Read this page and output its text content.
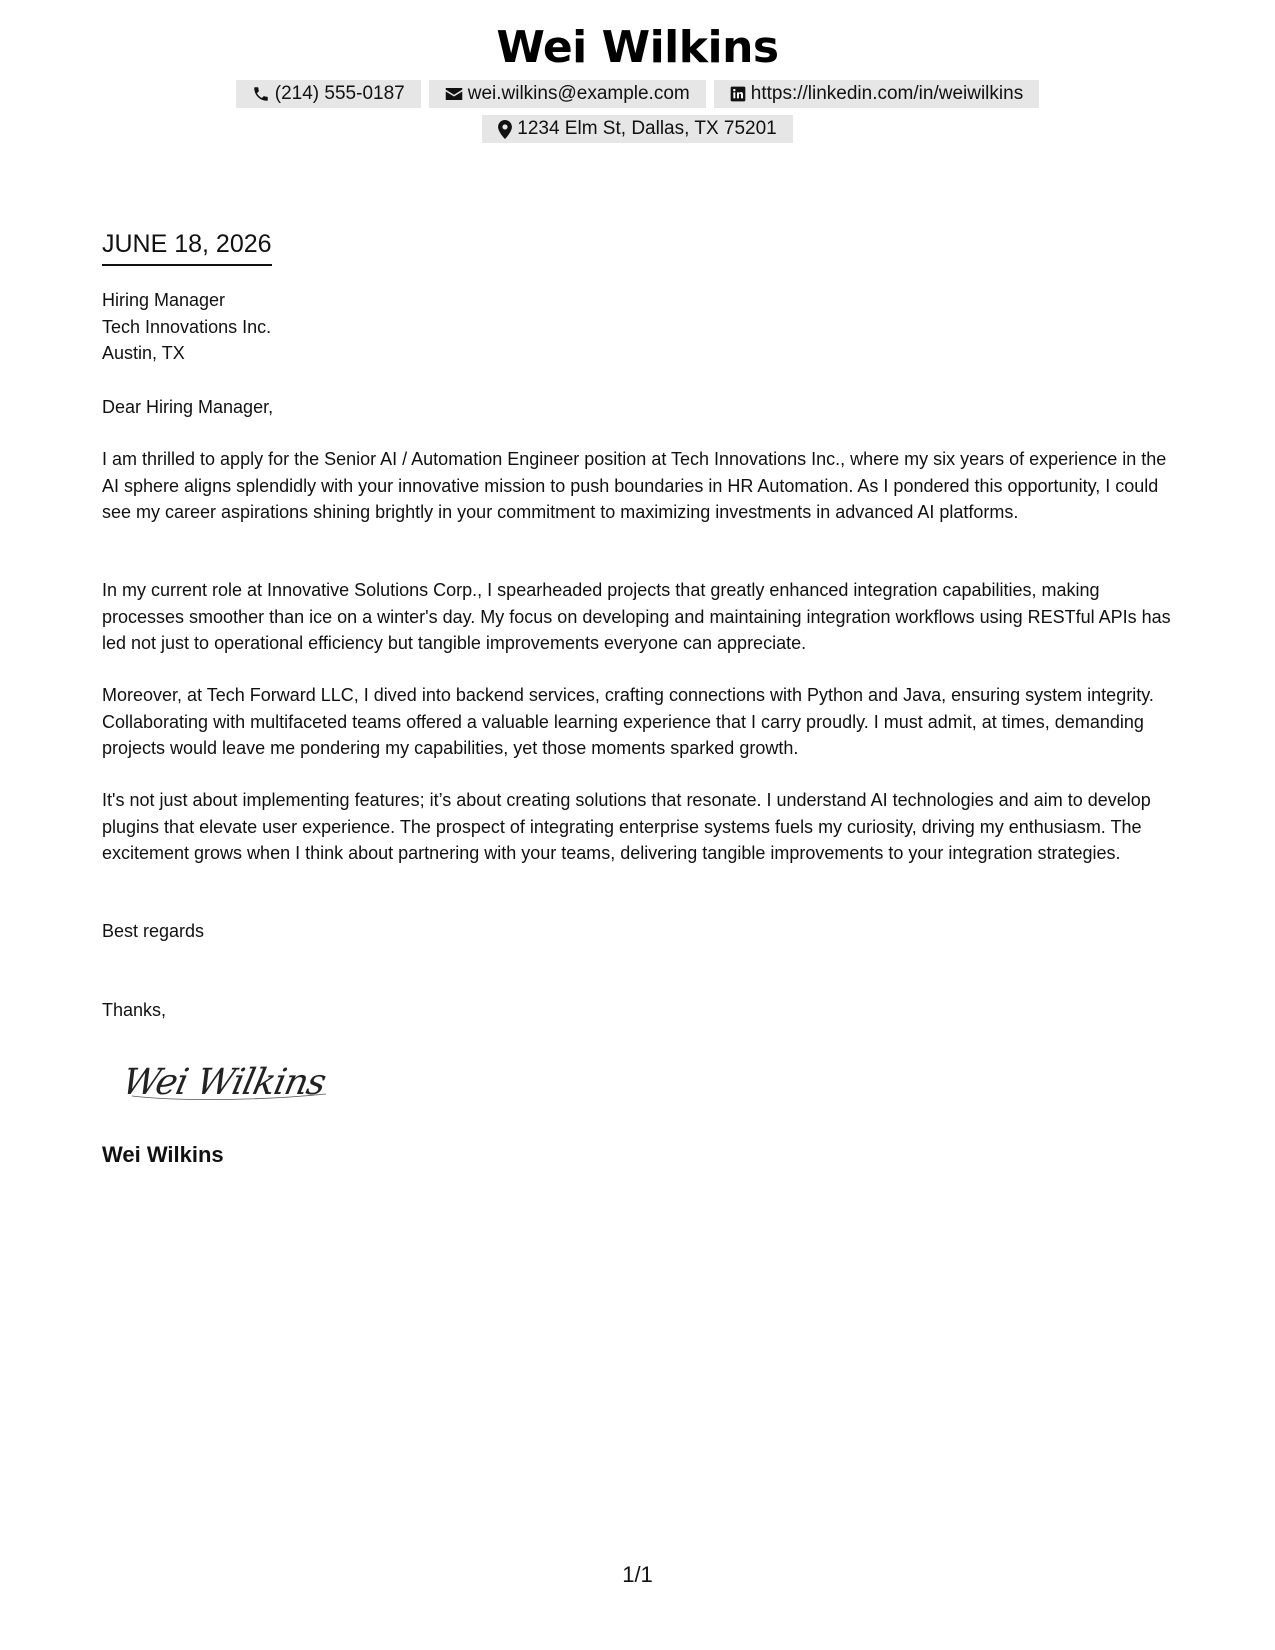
Wei Wilkins
(214) 555-0187	wei.wilkins@example.com	https://linkedin.com/in/weiwilkins
1234 Elm St, Dallas, TX 75201
JUNE 18, 2026
Hiring Manager
Tech Innovations Inc.
Austin, TX
Dear Hiring Manager,
I am thrilled to apply for the Senior AI / Automation Engineer position at Tech Innovations Inc., where my six years of experience in the AI sphere aligns splendidly with your innovative mission to push boundaries in HR Automation. As I pondered this opportunity, I could see my career aspirations shining brightly in your commitment to maximizing investments in advanced AI platforms.
In my current role at Innovative Solutions Corp., I spearheaded projects that greatly enhanced integration capabilities, making processes smoother than ice on a winter's day. My focus on developing and maintaining integration workflows using RESTful APIs has led not just to operational efficiency but tangible improvements everyone can appreciate.
Moreover, at Tech Forward LLC, I dived into backend services, crafting connections with Python and Java, ensuring system integrity. Collaborating with multifaceted teams offered a valuable learning experience that I carry proudly. I must admit, at times, demanding projects would leave me pondering my capabilities, yet those moments sparked growth.
It's not just about implementing features; it’s about creating solutions that resonate. I understand AI technologies and aim to develop plugins that elevate user experience. The prospect of integrating enterprise systems fuels my curiosity, driving my enthusiasm. The excitement grows when I think about partnering with your teams, delivering tangible improvements to your integration strategies.
Best regards
Thanks,
Wei Wilkins
Wei Wilkins
1/1
